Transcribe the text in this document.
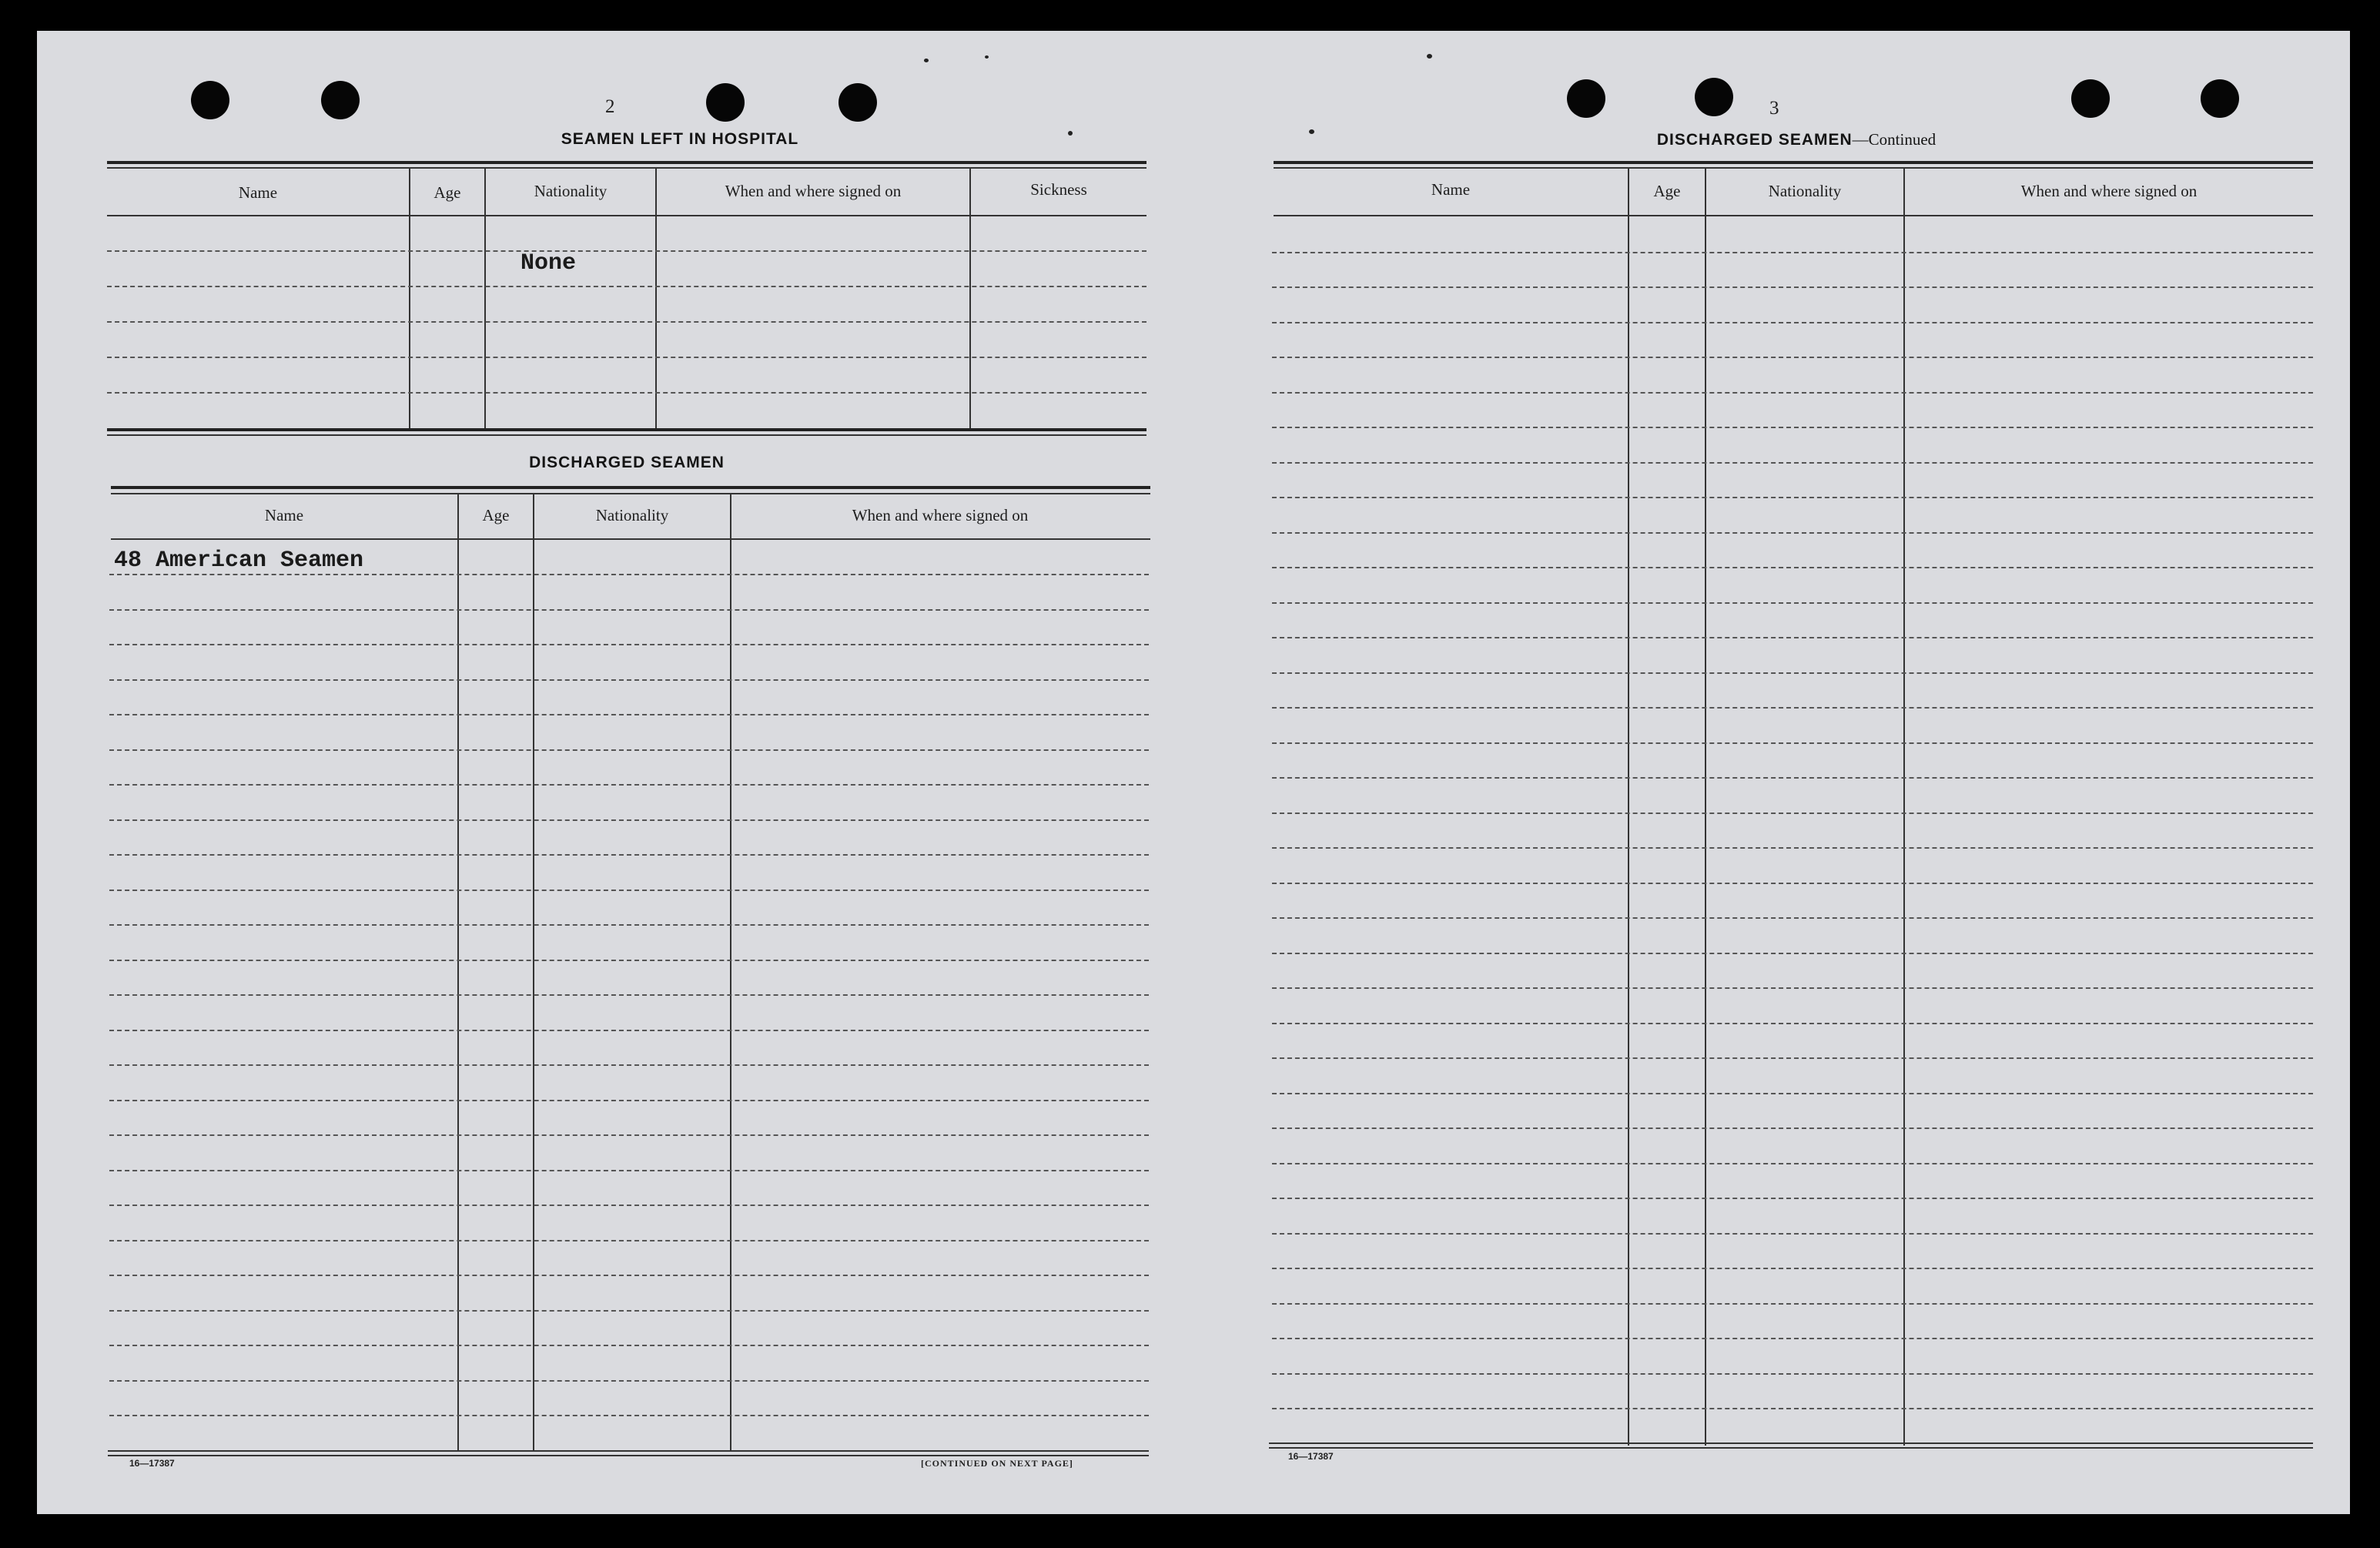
2
SEAMEN LEFT IN HOSPITAL
Name	Age	Nationality	When and where signed on	Sickness
None
DISCHARGED SEAMEN
Name	Age	Nationality	When and where signed on
48 American Seamen
16—17387	[CONTINUED ON NEXT PAGE]
3
DISCHARGED SEAMEN—Continued
Name	Age	Nationality	When and where signed on
16—17387
